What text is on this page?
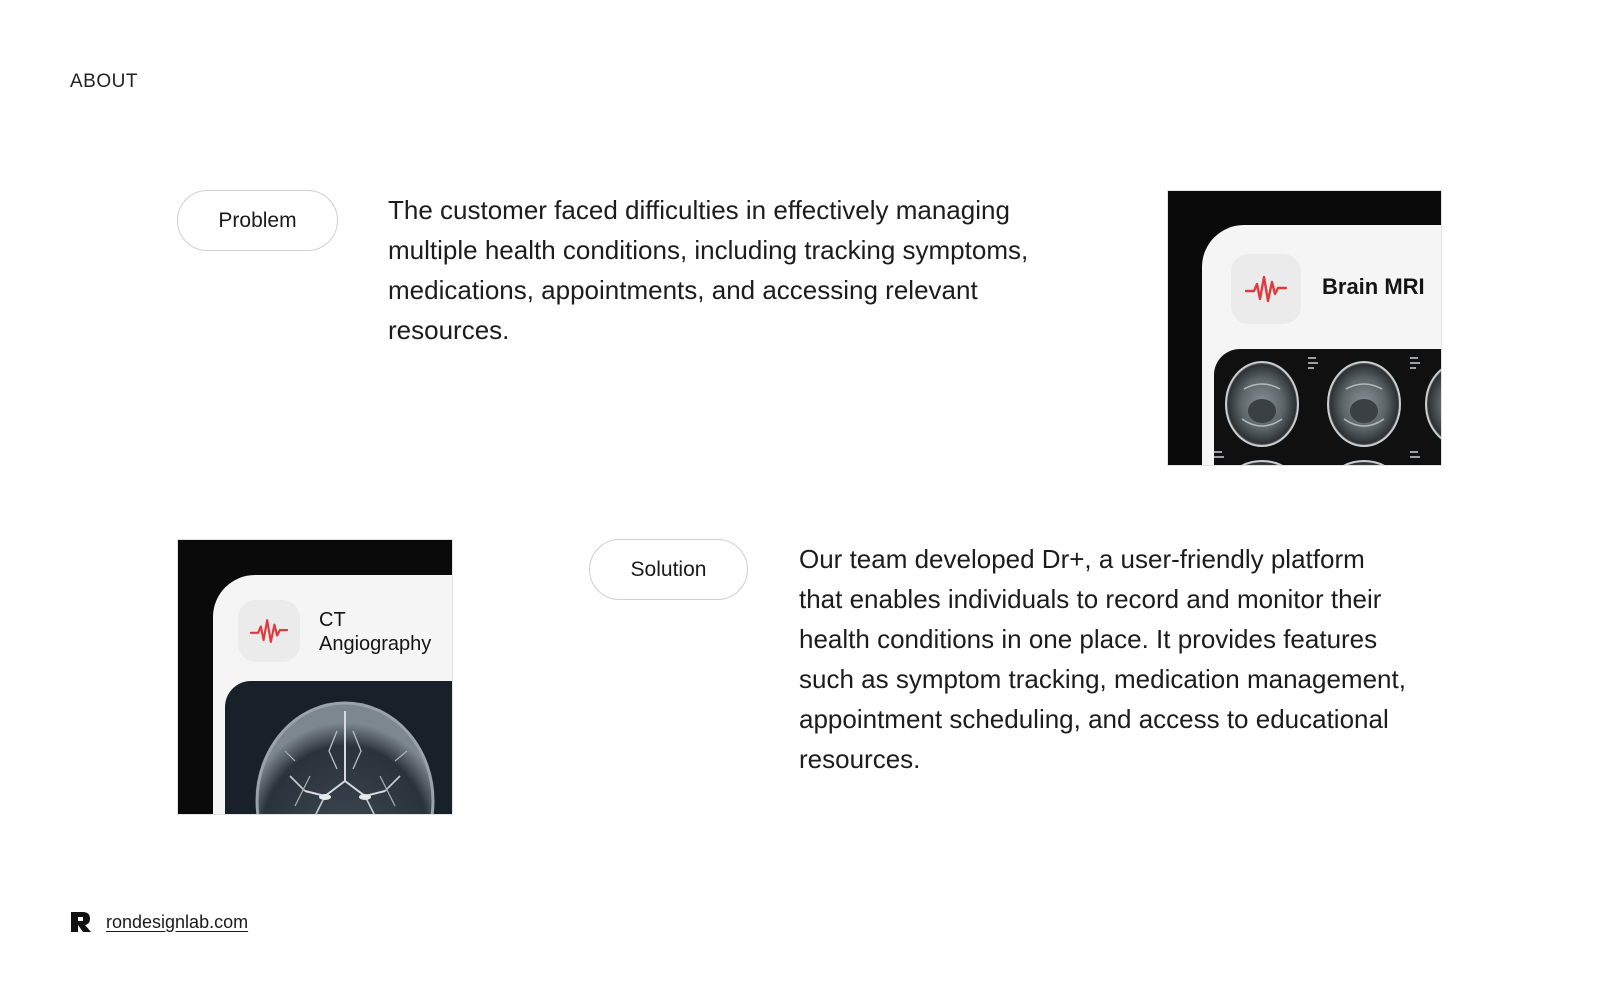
ABOUT
Problem	The customer faced difficulties in effectively managing multiple health conditions, including tracking symptoms, medications, appointments, and accessing relevant resources.

Brain MRI
CT
Angiography
Solution	Our team developed Dr+, a user-friendly platform that enables individuals to record and monitor their health conditions in one place. It provides features such as symptom tracking, medication management, appointment scheduling, and access to educational resources.

rondesignlab.com
